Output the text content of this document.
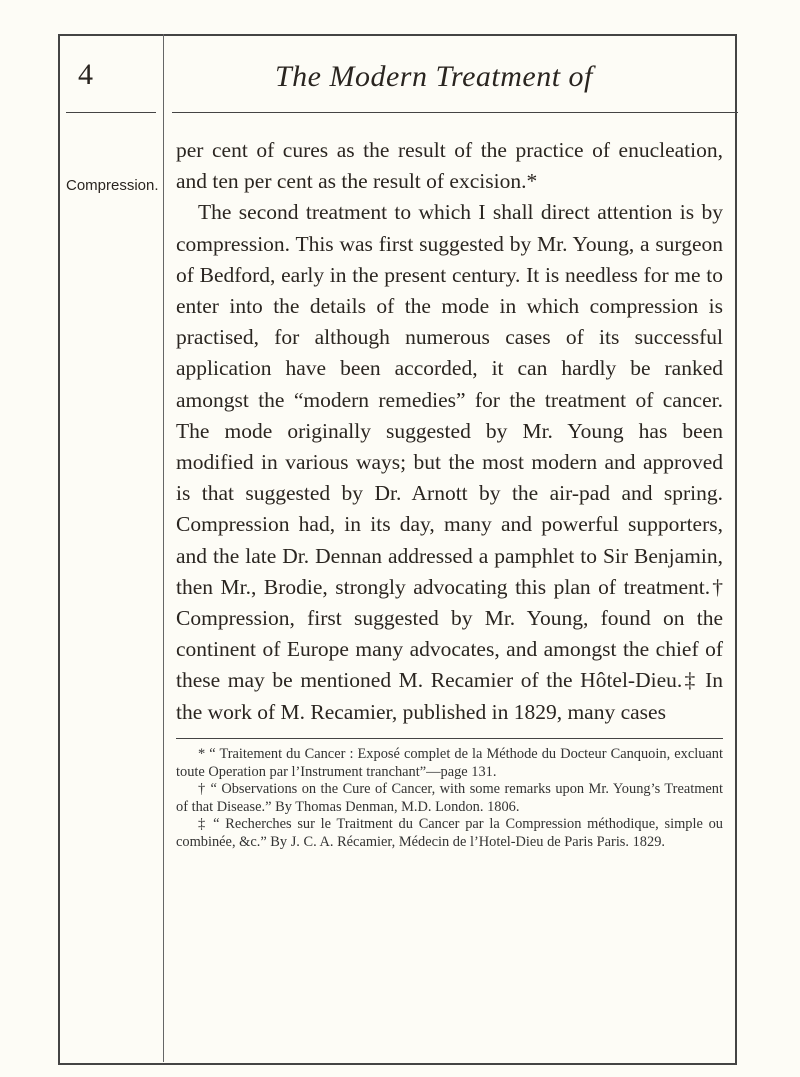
4	The Modern Treatment of
Compression.

per cent of cures as the result of the practice of enucleation, and ten per cent as the result of excision.*

The second treatment to which I shall direct attention is by compression. This was first suggested by Mr. Young, a surgeon of Bedford, early in the present century. It is needless for me to enter into the details of the mode in which compression is practised, for although numerous cases of its successful application have been accorded, it can hardly be ranked amongst the “modern remedies” for the treatment of cancer. The mode originally suggested by Mr. Young has been modified in various ways; but the most modern and approved is that suggested by Dr. Arnott by the air-pad and spring. Compression had, in its day, many and powerful supporters, and the late Dr. Dennan addressed a pamphlet to Sir Benjamin, then Mr., Brodie, strongly advocating this plan of treatment.† Compression, first suggested by Mr. Young, found on the continent of Europe many advocates, and amongst the chief of these may be mentioned M. Recamier of the Hôtel-Dieu.‡ In the work of M. Recamier, published in 1829, many cases

* “ Traitement du Cancer : Exposé complet de la Méthode du Docteur Canquoin, excluant toute Operation par l’Instrument tranchant”—page 131.

† “ Observations on the Cure of Cancer, with some remarks upon Mr. Young’s Treatment of that Disease.” By Thomas Denman, M.D. London. 1806.

‡ “ Recherches sur le Traitment du Cancer par la Compression méthodique, simple ou combinée, &c.” By J. C. A. Récamier, Médecin de l’Hotel-Dieu de Paris Paris. 1829.
